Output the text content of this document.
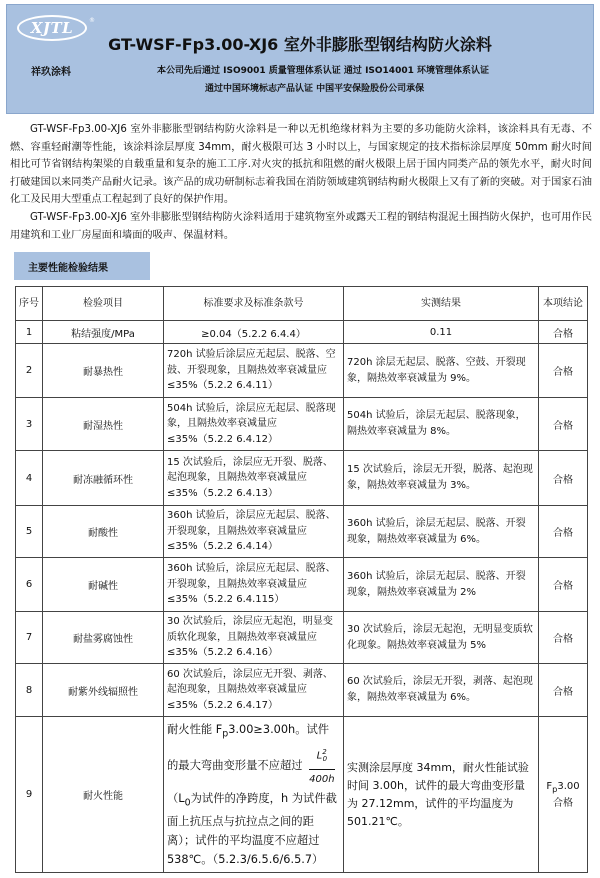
XJTL	®
GT-WSF-Fp3.00-XJ6 室外非膨胀型钢结构防火涂料
祥玖涂料	本公司先后通过 ISO9001 质量管理体系认证 通过 ISO14001 环境管理体系认证
通过中国环境标志产品认证 中国平安保险股份公司承保
GT-WSF-Fp3.00-XJ6 室外非膨胀型钢结构防火涂料是一种以无机绝缘材料为主要的多功能防火涂料，该涂料具有无毒、不燃、容重轻耐潮等性能，该涂料涂层厚度 34mm，耐火极限可达 3 小时以上，与国家规定的技术指标涂层厚度 50mm 耐火时间相比可节省钢结构架梁的自载重量和复杂的施工工序.对火灾的抵抗和阻燃的耐火极限上居于国内同类产品的领先水平，耐火时间打破建国以来同类产品耐火记录。该产品的成功研制标志着我国在消防领域建筑钢结构耐火极限上又有了新的突破。对于国家石油化工及民用大型重点工程起到了良好的保护作用。
GT-WSF-Fp3.00-XJ6 室外非膨胀型钢结构防火涂料适用于建筑物室外或露天工程的钢结构混泥土围挡防火保护，也可用作民用建筑和工业厂房屋面和墙面的吸声、保温材料。
主要性能检验结果
序号	检验项目	标准要求及标准条款号	实测结果	本项结论
1	粘结强度/MPa	≥0.04（5.2.2 6.4.4）	0.11	合格
2	耐暴热性	720h 试验后涂层应无起层、脱落、空鼓、开裂现象，且隔热效率衰减量应≤35%（5.2.2 6.4.11）	720h 涂层无起层、脱落、空鼓、开裂现象，隔热效率衰减量为 9%。	合格
3	耐湿热性	504h 试验后，涂层应无起层、脱落现象，且隔热效率衰减量应≤35%（5.2.2 6.4.12）	504h 试验后，涂层无起层、脱落现象，隔热效率衰减量为 8%。	合格
4	耐冻融循环性	15 次试验后，涂层应无开裂、脱落、起泡现象，且隔热效率衰减量应≤35%（5.2.2 6.4.13）	15 次试验后，涂层无开裂，脱落、起泡现象，隔热效率衰减量为 3%。	合格
5	耐酸性	360h 试验后，涂层应无起层、脱落、开裂现象，且隔热效率衰减量应≤35%（5.2.2 6.4.14）	360h 试验后，涂层无起层、脱落、开裂现象，隔热效率衰减量为 6%。	合格
6	耐碱性	360h 试验后，涂层应无起层、脱落、开裂现象，且隔热效率衰减量应≤35%（5.2.2 6.4.115）	360h 试验后，涂层无起层、脱落、开裂现象，隔热效率衰减量为 2%	合格
7	耐盐雾腐蚀性	30 次试验后，涂层应无起泡，明显变质软化现象，且隔热效率衰减量应≤35%（5.2.2 6.4.16）	30 次试验后，涂层无起泡，无明显变质软化现象。隔热效率衰减量为 5%	合格
8	耐紫外线辐照性	60 次试验后，涂层应无开裂、剥落、起泡现象，且隔热效率衰减量应≤35%（5.2.2 6.4.17）	60 次试验后，涂层无开裂，剥落、起泡现象，隔热效率衰减量为 6%。	合格
9	耐火性能	耐火性能 $F_p3.00\ge 3.00h$。试件的最大弯曲变形量不应超过 $\frac{L^2_0}{400h}$
（$L_0$为试件的净跨度，h 为试件截面上抗压点与抗拉点之间的距离）；试件的平均温度不应超过 538℃。（5.2.3/6.5.6/6.5.7）	实测涂层厚度 34mm，耐火性能试验时间 3.00h，试件的最大弯曲变形量为 27.12mm，试件的平均温度为 501.21℃。	$F_p3.00$
合格
